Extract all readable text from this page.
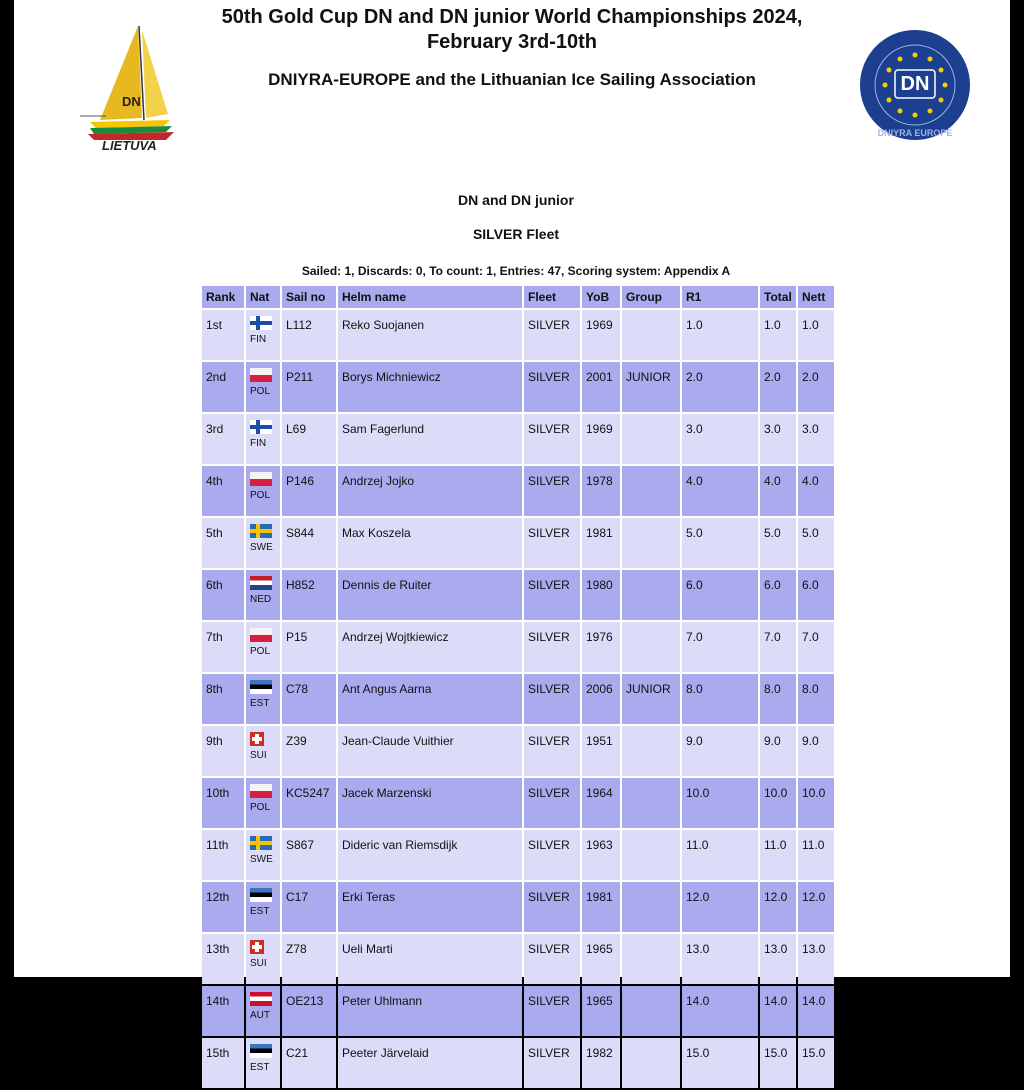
DN
LIETUVA
DN
DNIYRA EUROPE
50th Gold Cup DN and DN junior World Championships 2024,
February 3rd-10th
DNIYRA-EUROPE and the Lithuanian Ice Sailing Association
DN and DN junior
SILVER Fleet
Sailed: 1, Discards: 0, To count: 1, Entries: 47, Scoring system: Appendix A
Rank	Nat	Sail no	Helm name	Fleet	YoB	Group	R1	Total	Nett
1st	FIN	L112	Reko Suojanen	SILVER	1969		1.0	1.0	1.0
2nd	POL	P211	Borys Michniewicz	SILVER	2001	JUNIOR	2.0	2.0	2.0
3rd	FIN	L69	Sam Fagerlund	SILVER	1969		3.0	3.0	3.0
4th	POL	P146	Andrzej Jojko	SILVER	1978		4.0	4.0	4.0
5th	SWE	S844	Max Koszela	SILVER	1981		5.0	5.0	5.0
6th	NED	H852	Dennis de Ruiter	SILVER	1980		6.0	6.0	6.0
7th	POL	P15	Andrzej Wojtkiewicz	SILVER	1976		7.0	7.0	7.0
8th	EST	C78	Ant Angus Aarna	SILVER	2006	JUNIOR	8.0	8.0	8.0
9th	SUI	Z39	Jean-Claude Vuithier	SILVER	1951		9.0	9.0	9.0
10th	POL	KC5247	Jacek Marzenski	SILVER	1964		10.0	10.0	10.0
11th	SWE	S867	Dideric van Riemsdijk	SILVER	1963		11.0	11.0	11.0
12th	EST	C17	Erki Teras	SILVER	1981		12.0	12.0	12.0
13th	SUI	Z78	Ueli Marti	SILVER	1965		13.0	13.0	13.0
14th	AUT	OE213	Peter Uhlmann	SILVER	1965		14.0	14.0	14.0
15th	EST	C21	Peeter Järvelaid	SILVER	1982		15.0	15.0	15.0
